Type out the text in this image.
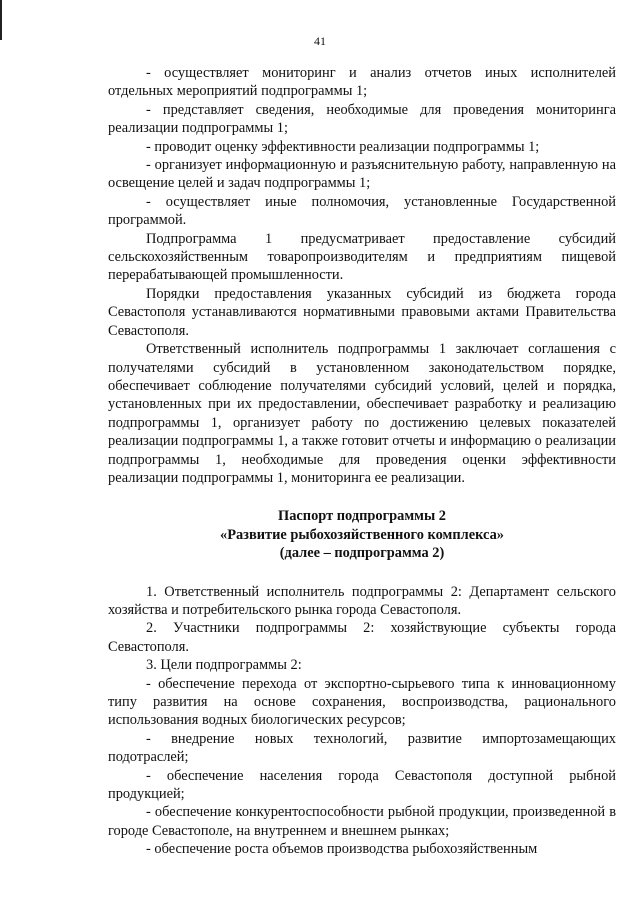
41

- осуществляет мониторинг и анализ отчетов иных исполнителей отдельных мероприятий подпрограммы 1;

- представляет сведения, необходимые для проведения мониторинга реализации подпрограммы 1;

- проводит оценку эффективности реализации подпрограммы 1;

- организует информационную и разъяснительную работу, направленную на освещение целей и задач подпрограммы 1;

- осуществляет иные полномочия, установленные Государственной программой.

Подпрограмма 1 предусматривает предоставление субсидий сельскохозяйственным товаропроизводителям и предприятиям пищевой перерабатывающей промышленности.

Порядки предоставления указанных субсидий из бюджета города Севастополя устанавливаются нормативными правовыми актами Правительства Севастополя.

Ответственный исполнитель подпрограммы 1 заключает соглашения с получателями субсидий в установленном законодательством порядке, обеспечивает соблюдение получателями субсидий условий, целей и порядка, установленных при их предоставлении, обеспечивает разработку и реализацию подпрограммы 1, организует работу по достижению целевых показателей реализации подпрограммы 1, а также готовит отчеты и информацию о реализации подпрограммы 1, необходимые для проведения оценки эффективности реализации подпрограммы 1, мониторинга ее реализации.

Паспорт подпрограммы 2

«Развитие рыбохозяйственного комплекса»

(далее – подпрограмма 2)

1. Ответственный исполнитель подпрограммы 2: Департамент сельского хозяйства и потребительского рынка города Севастополя.

2. Участники подпрограммы 2: хозяйствующие субъекты города Севастополя.

3. Цели подпрограммы 2:

- обеспечение перехода от экспортно-сырьевого типа к инновационному типу развития на основе сохранения, воспроизводства, рационального использования водных биологических ресурсов;

- внедрение новых технологий, развитие импортозамещающих подотраслей;

- обеспечение населения города Севастополя доступной рыбной продукцией;

- обеспечение конкурентоспособности рыбной продукции, произведенной в городе Севастополе, на внутреннем и внешнем рынках;

- обеспечение роста объемов производства рыбохозяйственным
